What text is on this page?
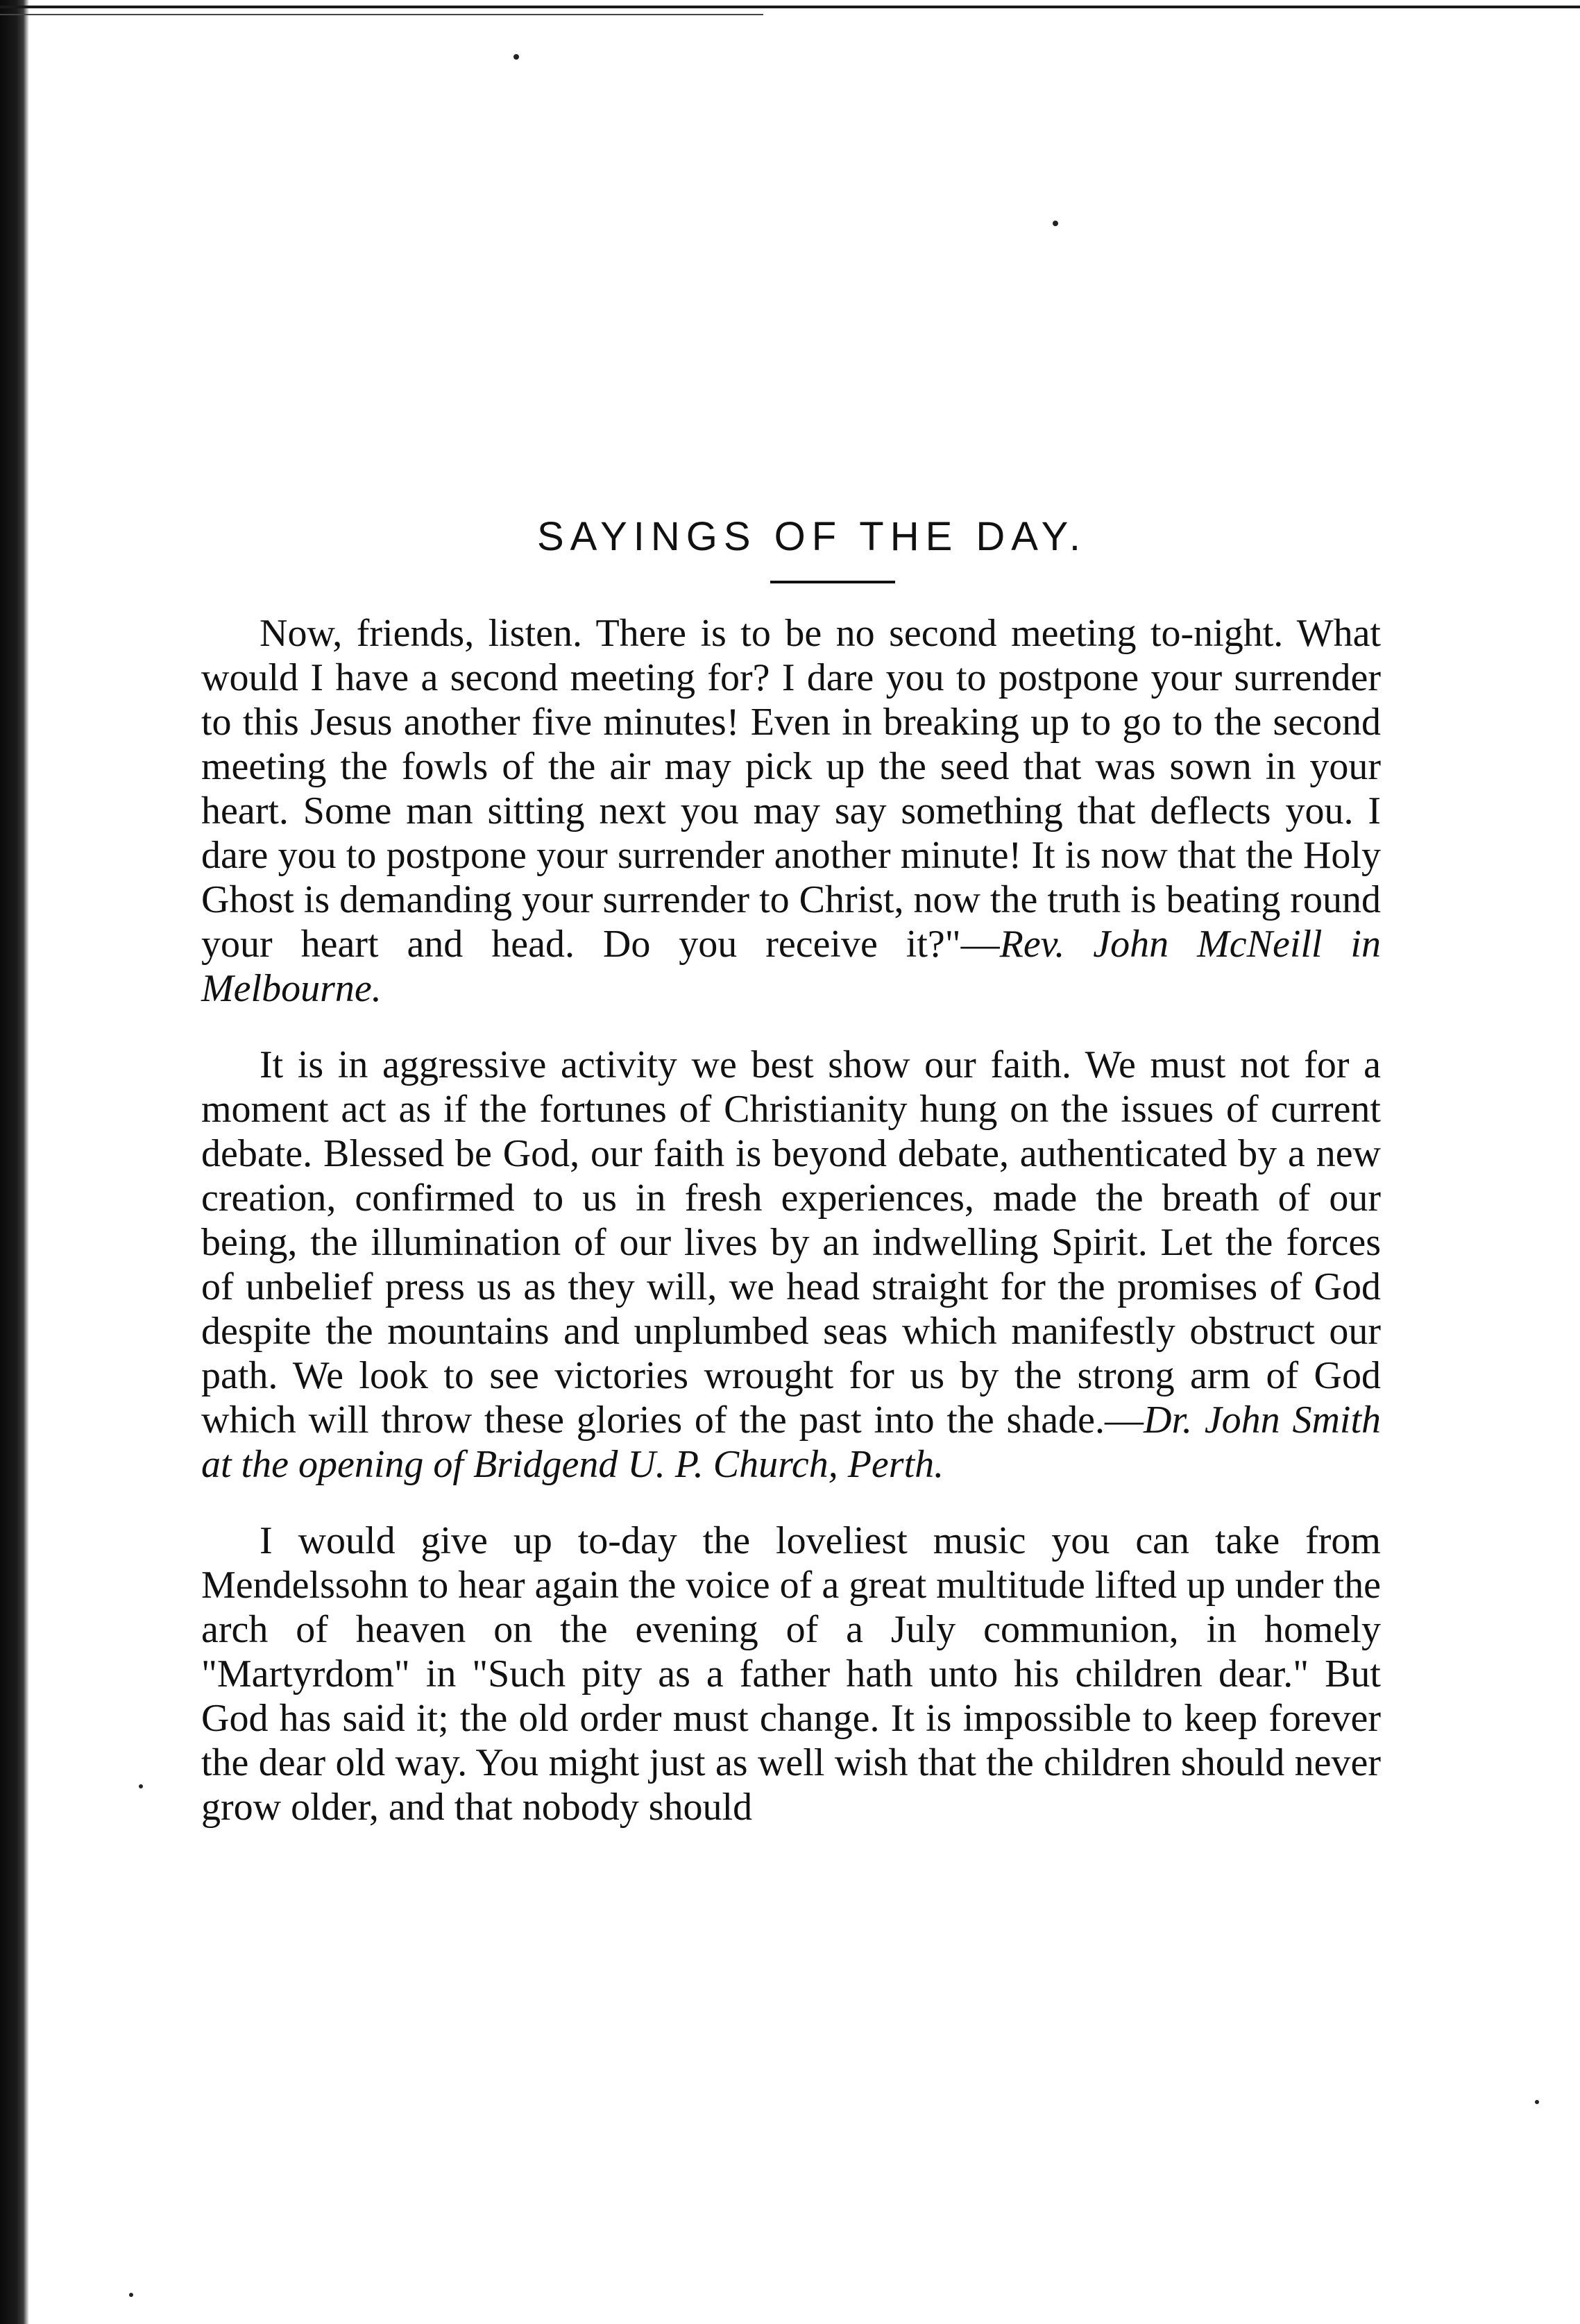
SAYINGS OF THE DAY.

Now, friends, listen. There is to be no second meeting to-night. What would I have a second meeting for? I dare you to postpone your surrender to this Jesus another five minutes! Even in breaking up to go to the second meeting the fowls of the air may pick up the seed that was sown in your heart. Some man sitting next you may say something that deflects you. I dare you to postpone your surrender another minute! It is now that the Holy Ghost is demanding your surrender to Christ, now the truth is beating round your heart and head. Do you receive it?"—Rev. John McNeill in Melbourne.

It is in aggressive activity we best show our faith. We must not for a moment act as if the fortunes of Christianity hung on the issues of current debate. Blessed be God, our faith is beyond debate, authenticated by a new creation, confirmed to us in fresh experiences, made the breath of our being, the illumination of our lives by an indwelling Spirit. Let the forces of unbelief press us as they will, we head straight for the promises of God despite the mountains and unplumbed seas which manifestly obstruct our path. We look to see victories wrought for us by the strong arm of God which will throw these glories of the past into the shade.—Dr. John Smith at the opening of Bridgend U. P. Church, Perth.

I would give up to-day the loveliest music you can take from Mendelssohn to hear again the voice of a great multitude lifted up under the arch of heaven on the evening of a July communion, in homely "Martyrdom" in "Such pity as a father hath unto his children dear." But God has said it; the old order must change. It is impossible to keep forever the dear old way. You might just as well wish that the children should never grow older, and that nobody should
